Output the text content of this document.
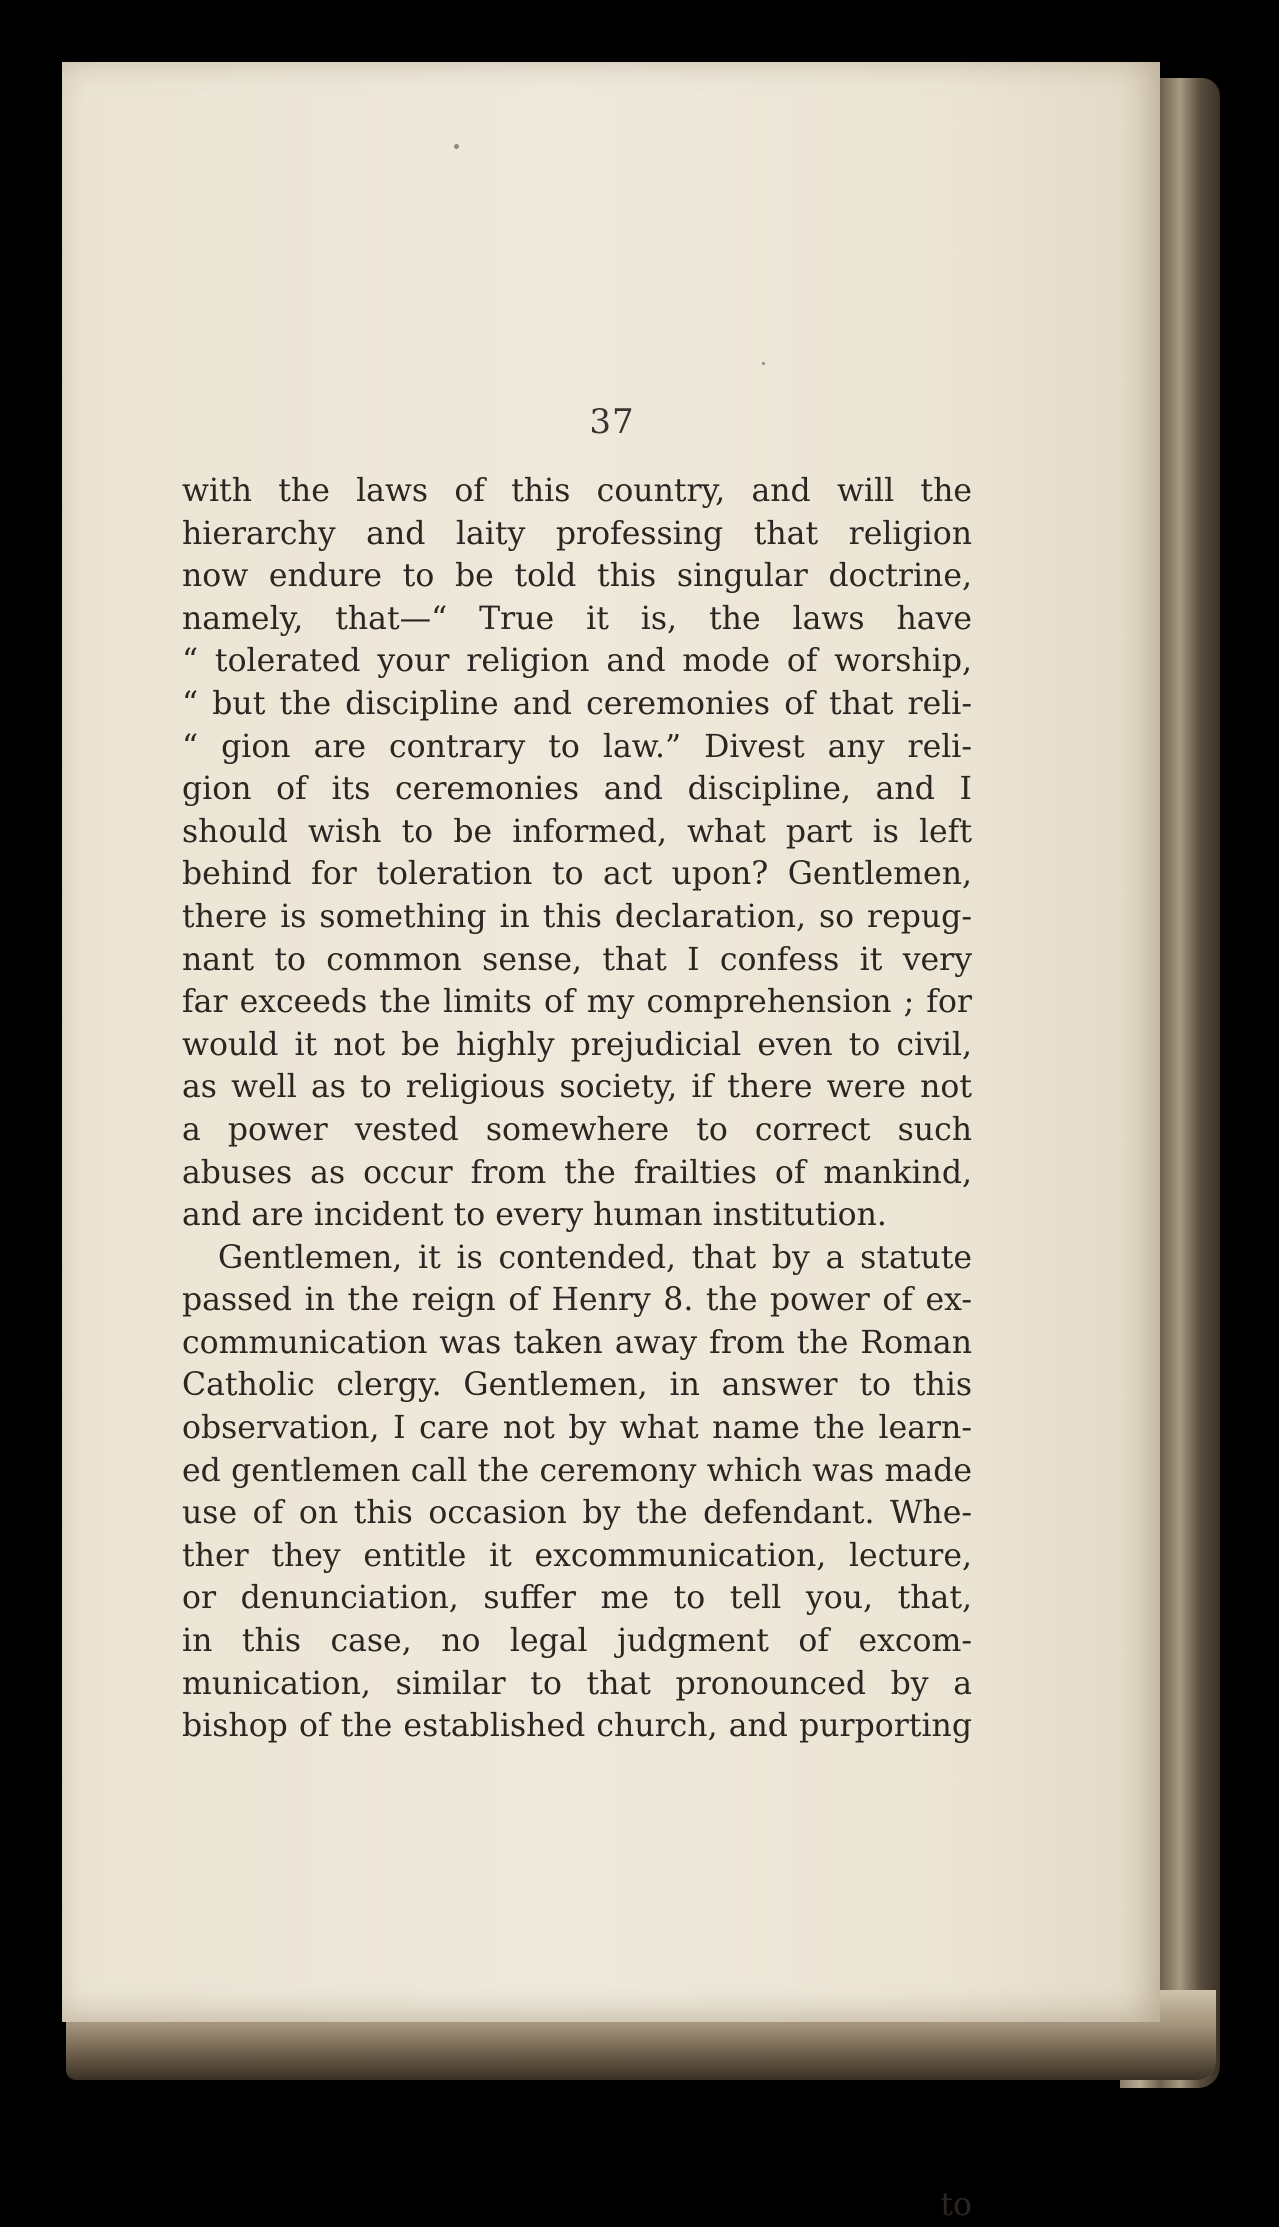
37
with the laws of this country, and will the
hierarchy and laity professing that religion
now endure to be told this singular doctrine,
namely, that—“ True it is, the laws have
“ tolerated your religion and mode of worship,
“ but the discipline and ceremonies of that reli-
“ gion are contrary to law.” Divest any reli-
gion of its ceremonies and discipline, and I
should wish to be informed, what part is left
behind for toleration to act upon? Gentlemen,
there is something in this declaration, so repug-
nant to common sense, that I confess it very
far exceeds the limits of my comprehension ; for
would it not be highly prejudicial even to civil,
as well as to religious society, if there were not
a power vested somewhere to correct such
abuses as occur from the frailties of mankind,
and are incident to every human institution.
Gentlemen, it is contended, that by a statute
passed in the reign of Henry 8. the power of ex-
communication was taken away from the Roman
Catholic clergy. Gentlemen, in answer to this
observation, I care not by what name the learn-
ed gentlemen call the ceremony which was made
use of on this occasion by the defendant. Whe-
ther they entitle it excommunication, lecture,
or denunciation, suffer me to tell you, that,
in this case, no legal judgment of excom-
munication, similar to that pronounced by a
bishop of the established church, and purporting
to
